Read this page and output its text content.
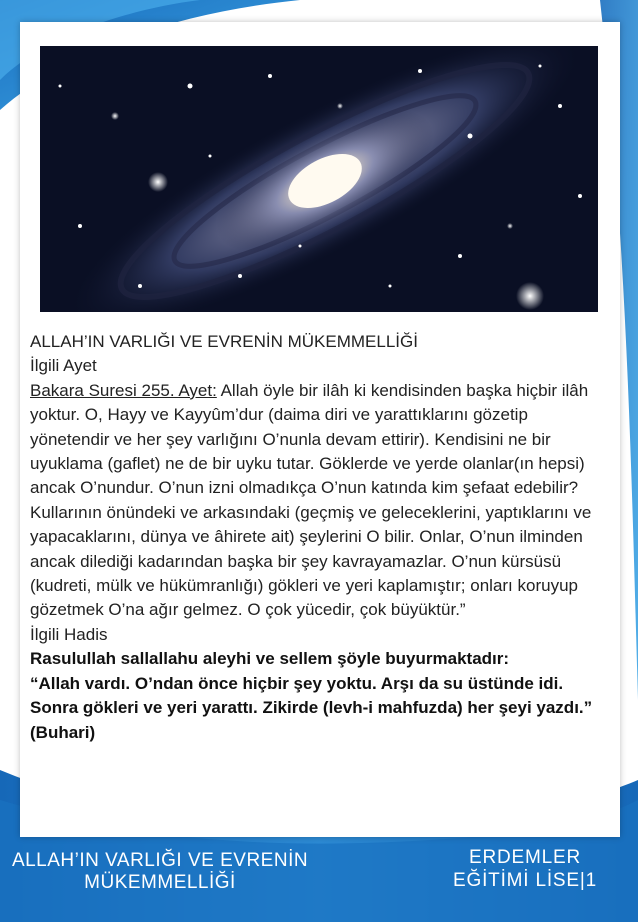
ALLAH’IN VARLIĞI VE EVRENİN MÜKEMMELLİĞİ

İlgili Ayet

Bakara Suresi 255. Ayet: Allah öyle bir ilâh ki kendisinden başka hiçbir ilâh yoktur. O, Hayy ve Kayyûm’dur (daima diri ve yarattıklarını gözetip yönetendir ve her şey varlığını O’nunla devam ettirir). Kendisini ne bir uyuklama (gaflet) ne de bir uyku tutar. Göklerde ve yerde olanlar(ın hepsi) ancak O’nundur. O’nun izni olmadıkça O’nun katında kim şefaat edebilir? Kullarının önündeki ve arkasındaki (geçmiş ve geleceklerini, yaptıklarını ve yapacaklarını, dünya ve âhirete ait) şeylerini O bilir. Onlar, O’nun ilminden ancak dilediği kadarından başka bir şey kavrayamazlar. O’nun kürsüsü (kudreti, mülk ve hükümranlığı) gökleri ve yeri kaplamıştır; onları koruyup gözetmek O’na ağır gelmez. O çok yücedir, çok büyüktür.”

İlgili Hadis

Rasulullah sallallahu aleyhi ve sellem şöyle buyurmaktadır:

“Allah vardı. O’ndan önce hiçbir şey yoktu. Arşı da su üstünde idi. Sonra gökleri ve yeri yarattı. Zikirde (levh-i mahfuzda) her şeyi yazdı.” (Buhari)

ALLAH’IN VARLIĞI VE EVRENİN
MÜKEMMELLİĞİ
ERDEMLER
EĞİTİMİ LİSE|1
